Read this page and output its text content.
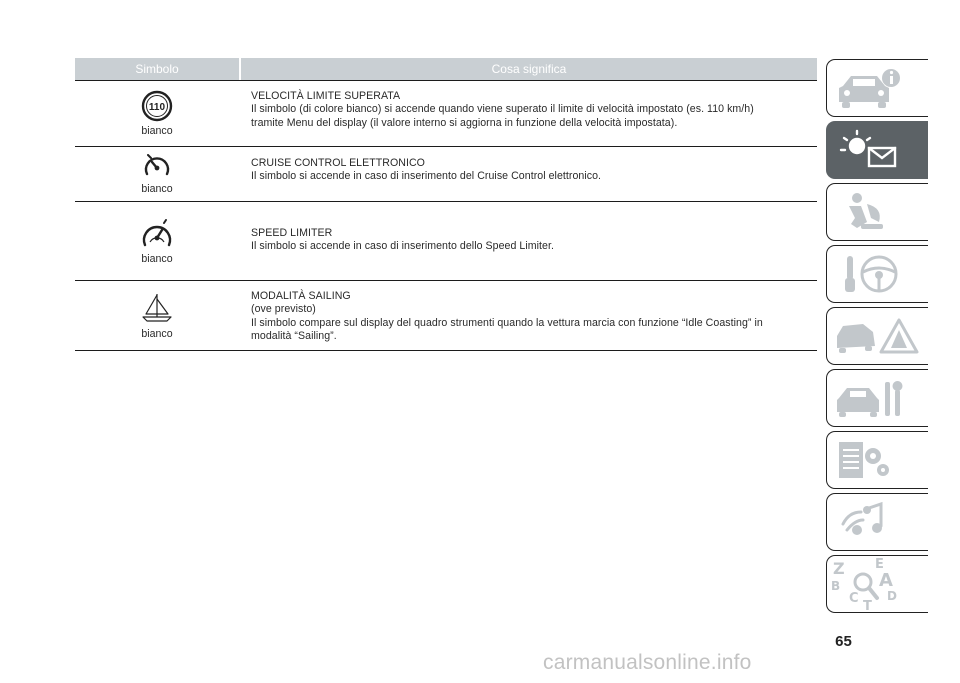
Simbolo	Cosa significa
110
bianco
VELOCITÀ LIMITE SUPERATA
Il simbolo (di colore bianco) si accende quando viene superato il limite di velocità impostato (es. 110 km/h)
tramite Menu del display (il valore interno si aggiorna in funzione della velocità impostata).
bianco
CRUISE CONTROL ELETTRONICO
Il simbolo si accende in caso di inserimento del Cruise Control elettronico.
bianco
SPEED LIMITER
Il simbolo si accende in caso di inserimento dello Speed Limiter.
bianco
MODALITÀ SAILING
(ove previsto)
Il simbolo compare sul display del quadro strumenti quando la vettura marcia con funzione “Idle Coasting” in
modalità “Sailing”.
Z E
A
B
C D
T
65
carmanualsonline.info
